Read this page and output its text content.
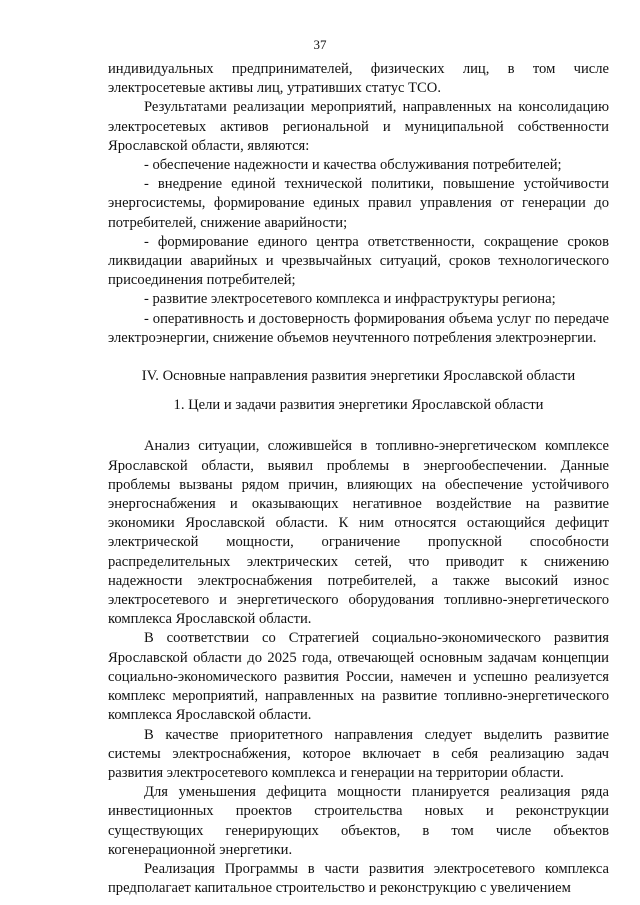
37

индивидуальных предпринимателей, физических лиц, в том числе электросетевые активы лиц, утративших статус ТСО.

Результатами реализации мероприятий, направленных на консолидацию электросетевых активов региональной и муниципальной собственности Ярославской области, являются:

- обеспечение надежности и качества обслуживания потребителей;

- внедрение единой технической политики, повышение устойчивости энергосистемы, формирование единых правил управления от генерации до потребителей, снижение аварийности;

- формирование единого центра ответственности, сокращение сроков ликвидации аварийных и чрезвычайных ситуаций, сроков технологического присоединения потребителей;

- развитие электросетевого комплекса и инфраструктуры региона;

- оперативность и достоверность формирования объема услуг по передаче электроэнергии, снижение объемов неучтенного потребления электроэнергии.

IV. Основные направления развития энергетики Ярославской области

1. Цели и задачи развития энергетики Ярославской области

Анализ ситуации, сложившейся в топливно-энергетическом комплексе Ярославской области, выявил проблемы в энергообеспечении. Данные проблемы вызваны рядом причин, влияющих на обеспечение устойчивого энергоснабжения и оказывающих негативное воздействие на развитие экономики Ярославской области. К ним относятся остающийся дефицит электрической мощности, ограничение пропускной способности распределительных электрических сетей, что приводит к снижению надежности электроснабжения потребителей, а также высокий износ электросетевого и энергетического оборудования топливно-энергетического комплекса Ярославской области.

В соответствии со Стратегией социально-экономического развития Ярославской области до 2025 года, отвечающей основным задачам концепции социально-экономического развития России, намечен и успешно реализуется комплекс мероприятий, направленных на развитие топливно-энергетического комплекса Ярославской области.

В качестве приоритетного направления следует выделить развитие системы электроснабжения, которое включает в себя реализацию задач развития электросетевого комплекса и генерации на территории области.

Для уменьшения дефицита мощности планируется реализация ряда инвестиционных проектов строительства новых и реконструкции существующих генерирующих объектов, в том числе объектов когенерационной энергетики.

Реализация Программы в части развития электросетевого комплекса предполагает капитальное строительство и реконструкцию с увеличением
